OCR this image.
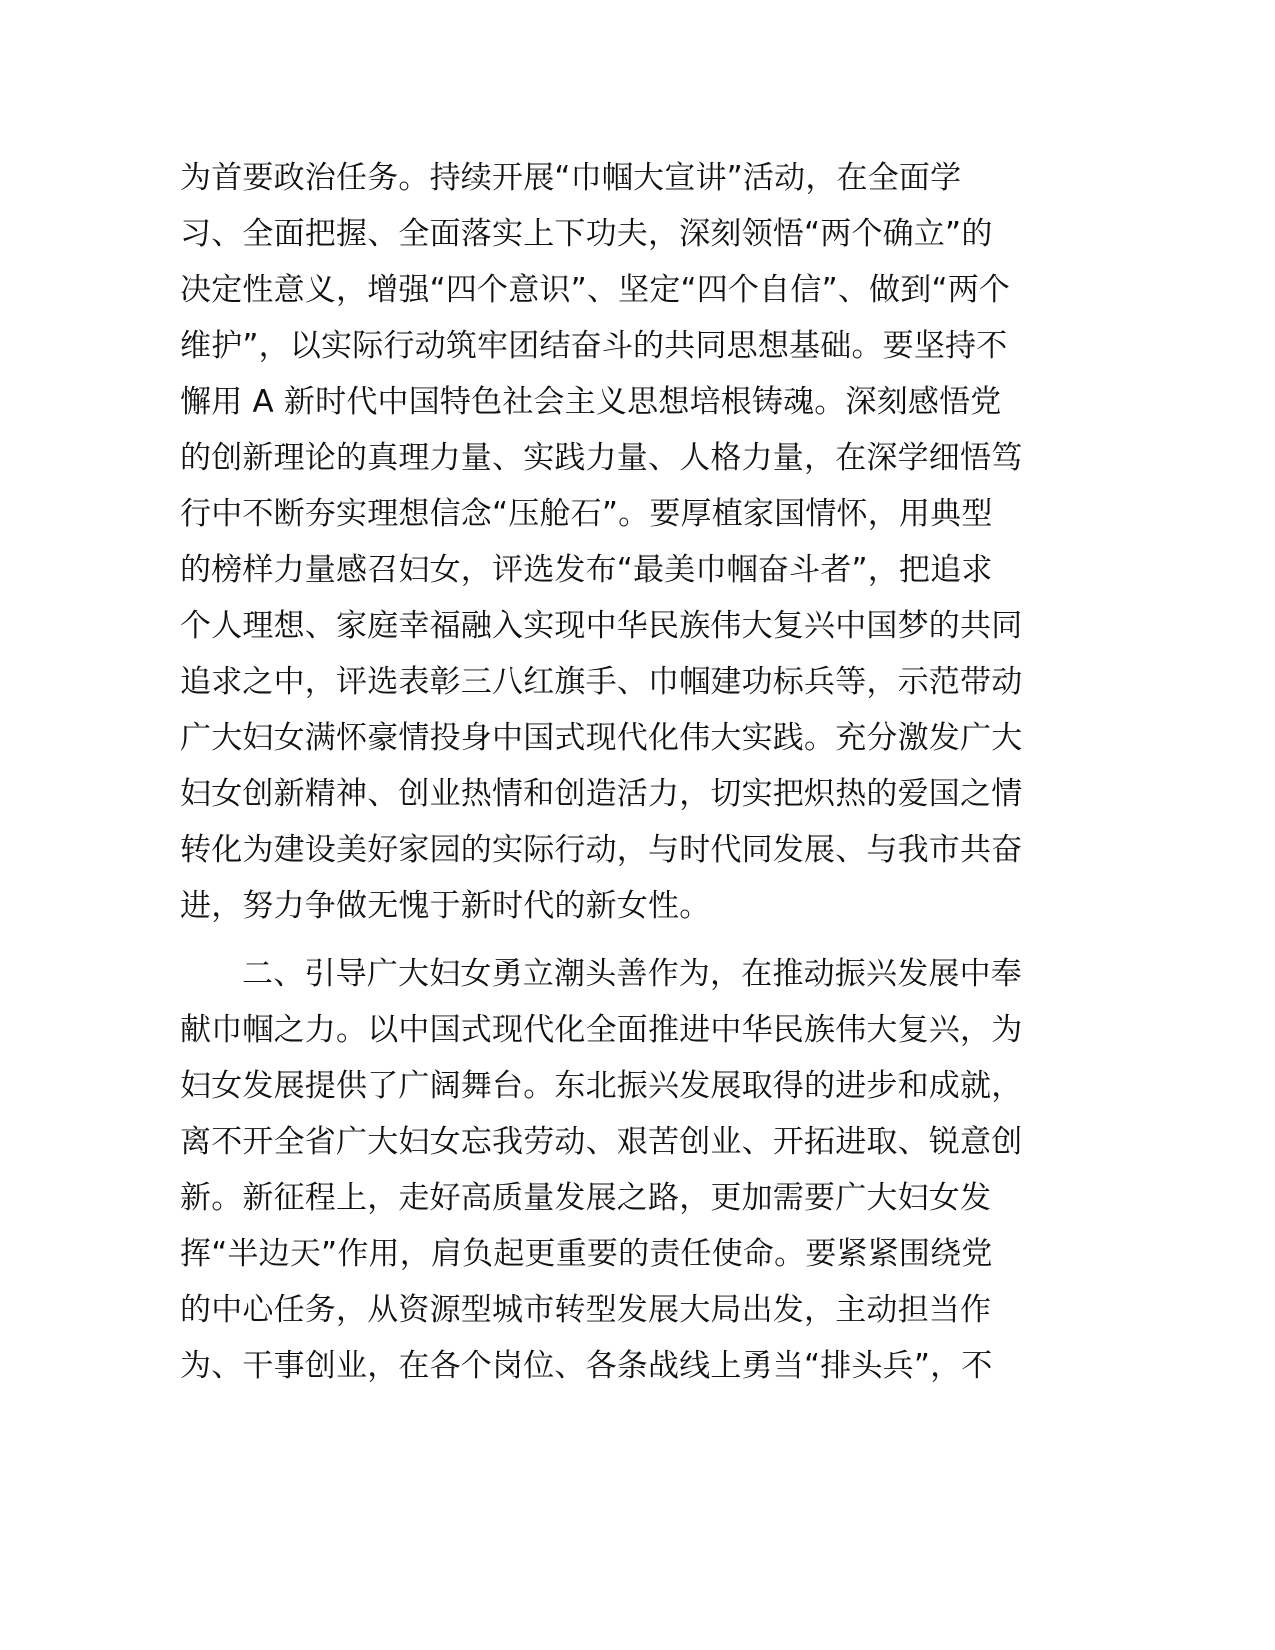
为首要政治任务。持续开展“巾帼大宣讲”活动，在全面学
习、全面把握、全面落实上下功夫，深刻领悟“两个确立”的
决定性意义，增强“四个意识”、坚定“四个自信”、做到“两个
维护”，以实际行动筑牢团结奋斗的共同思想基础。要坚持不
懈用 A 新时代中国特色社会主义思想培根铸魂。深刻感悟党
的创新理论的真理力量、实践力量、人格力量，在深学细悟笃
行中不断夯实理想信念“压舱石”。要厚植家国情怀，用典型
的榜样力量感召妇女，评选发布“最美巾帼奋斗者”，把追求
个人理想、家庭幸福融入实现中华民族伟大复兴中国梦的共同
追求之中，评选表彰三八红旗手、巾帼建功标兵等，示范带动
广大妇女满怀豪情投身中国式现代化伟大实践。充分激发广大
妇女创新精神、创业热情和创造活力，切实把炽热的爱国之情
转化为建设美好家园的实际行动，与时代同发展、与我市共奋
进，努力争做无愧于新时代的新女性。
二、引导广大妇女勇立潮头善作为，在推动振兴发展中奉
献巾帼之力。以中国式现代化全面推进中华民族伟大复兴，为
妇女发展提供了广阔舞台。东北振兴发展取得的进步和成就，
离不开全省广大妇女忘我劳动、艰苦创业、开拓进取、锐意创
新。新征程上，走好高质量发展之路，更加需要广大妇女发
挥“半边天”作用，肩负起更重要的责任使命。要紧紧围绕党
的中心任务，从资源型城市转型发展大局出发，主动担当作
为、干事创业，在各个岗位、各条战线上勇当“排头兵”，不
